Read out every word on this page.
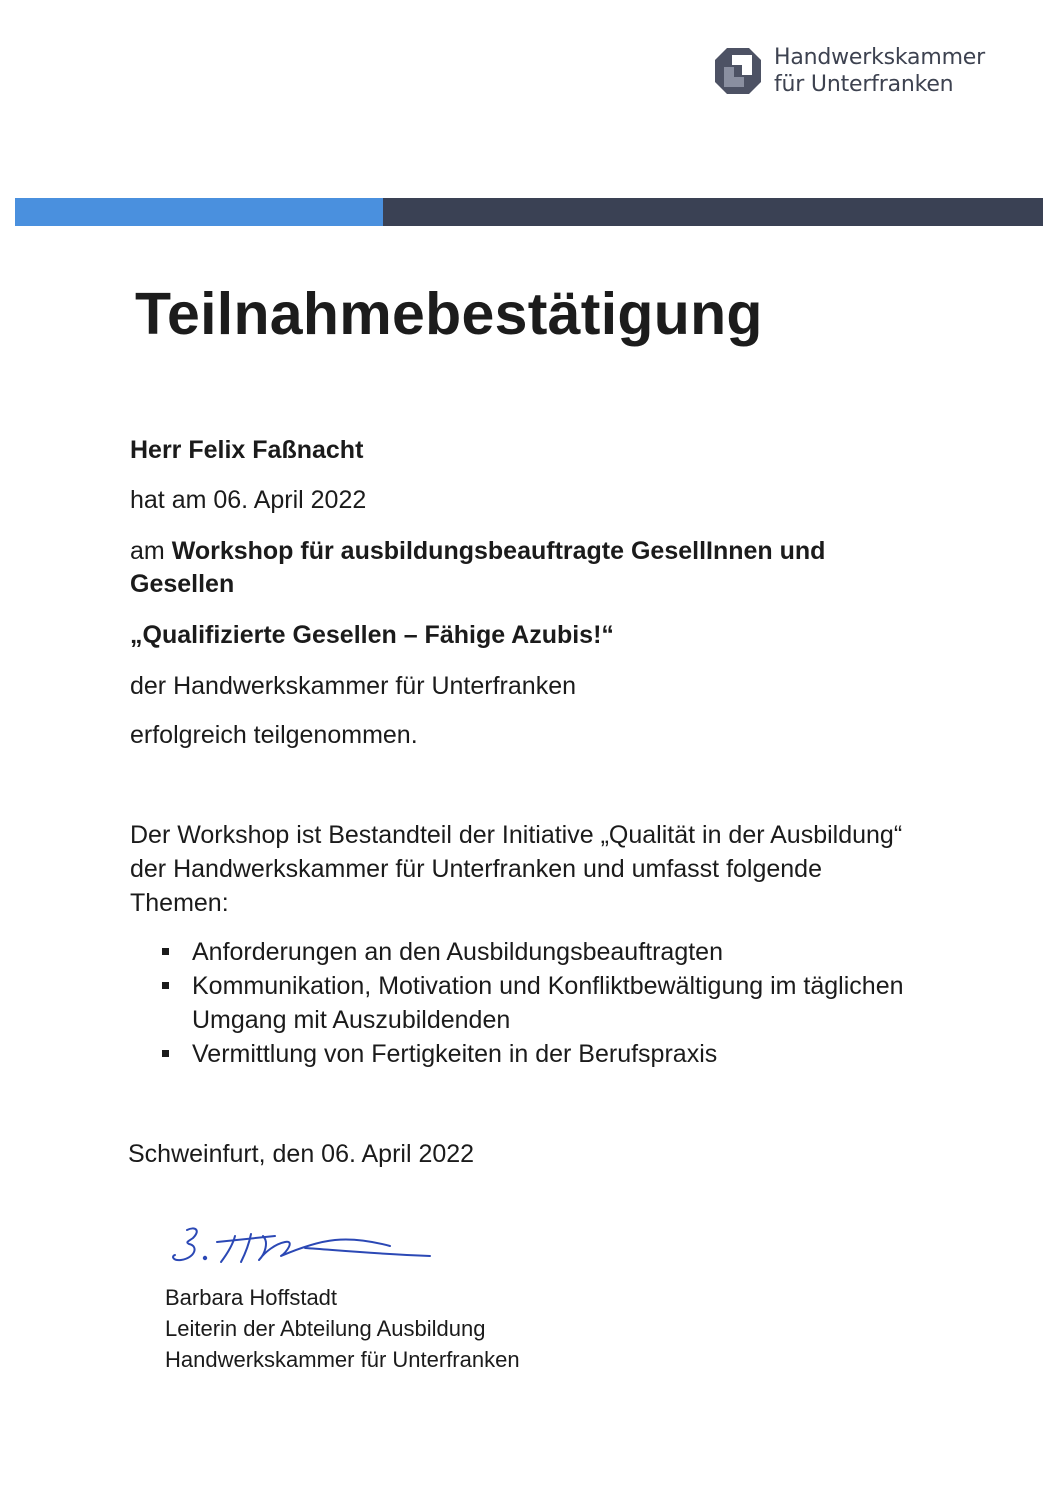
Handwerkskammer
für Unterfranken
Teilnahmebestätigung

Herr Felix Faßnacht

hat am 06. April 2022

am Workshop für ausbildungsbeauftragte GesellInnen und Gesellen

„Qualifizierte Gesellen – Fähige Azubis!“

der Handwerkskammer für Unterfranken

erfolgreich teilgenommen.

Der Workshop ist Bestandteil der Initiative „Qualität in der Ausbildung“ der Handwerkskammer für Unterfranken und umfasst folgende Themen:
Anforderungen an den Ausbildungsbeauftragten
Kommunikation, Motivation und Konfliktbewältigung im täglichen Umgang mit Auszubildenden
Vermittlung von Fertigkeiten in der Berufspraxis
Schweinfurt, den 06. April 2022
Barbara Hoffstadt
Leiterin der Abteilung Ausbildung
Handwerkskammer für Unterfranken
